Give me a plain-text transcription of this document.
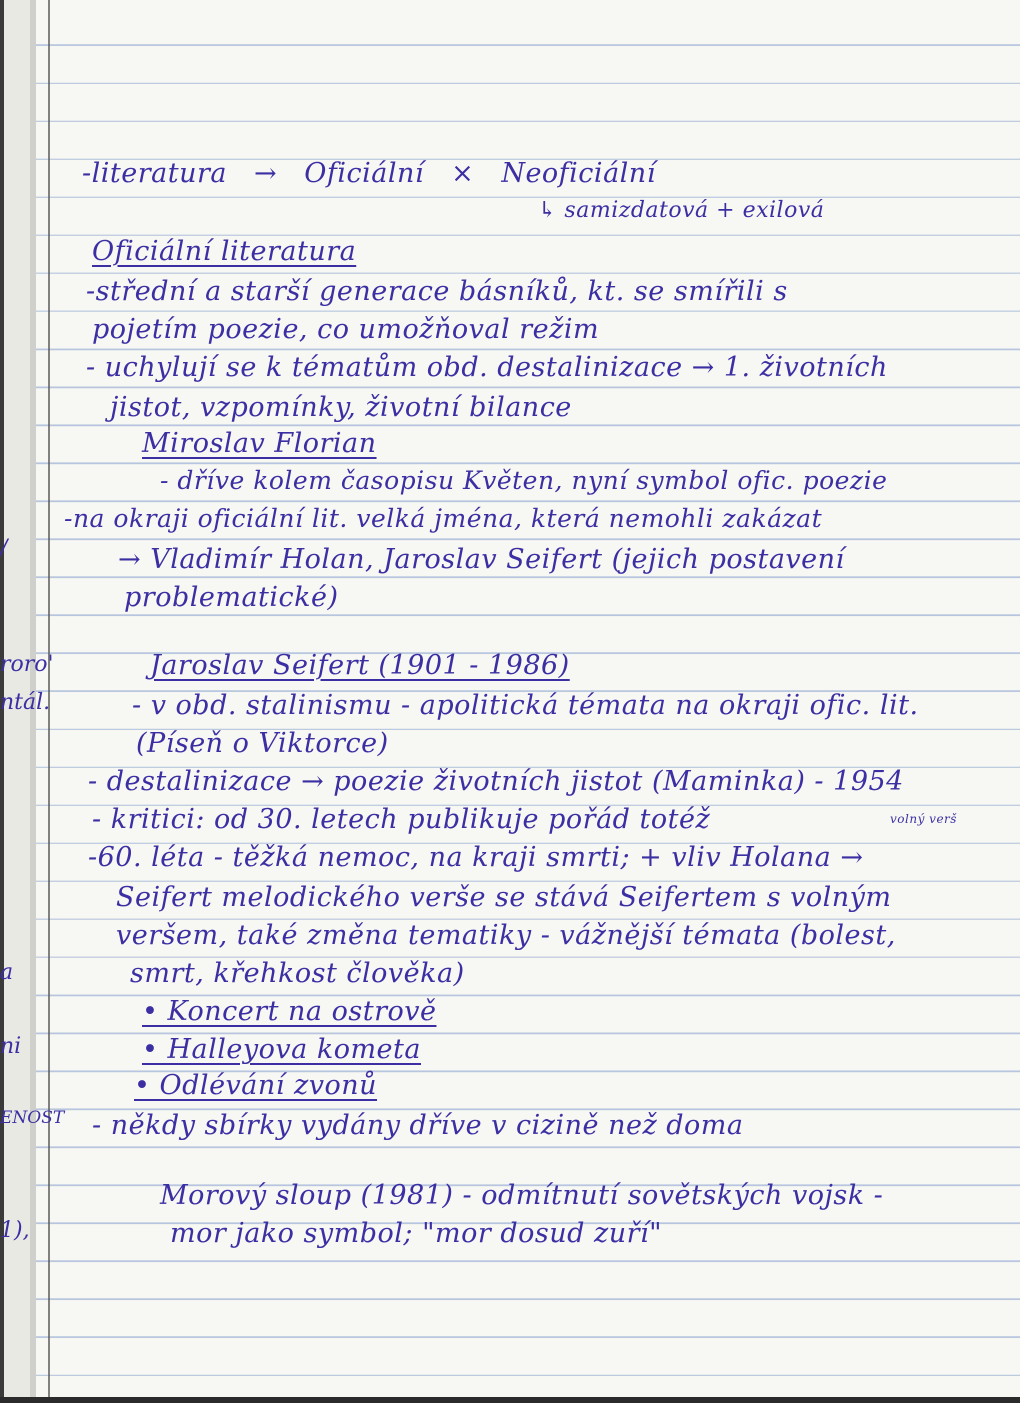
/
roro'
ntál.
a
ni
ENOST
1),
-literatura → Oficiální × Neoficiální
↳ samizdatová + exilová
Oficiální literatura
-střední a starší generace básníků, kt. se smířili s
pojetím poezie, co umožňoval režim
- uchylují se k tématům obd. destalinizace → 1. životních
jistot, vzpomínky, životní bilance
Miroslav Florian
- dříve kolem časopisu Květen, nyní symbol ofic. poezie
-na okraji oficiální lit. velká jména, která nemohli zakázat
→ Vladimír Holan, Jaroslav Seifert (jejich postavení
problematické)
Jaroslav Seifert (1901 - 1986)
- v obd. stalinismu - apolitická témata na okraji ofic. lit.
(Píseň o Viktorce)
- destalinizace → poezie životních jistot (Maminka) - 1954
- kritici: od 30. letech publikuje pořád totéž	volný verš
-60. léta - těžká nemoc, na kraji smrti; + vliv Holana →
Seifert melodického verše se stává Seifertem s volným
veršem, také změna tematiky - vážnější témata (bolest,
smrt, křehkost člověka)
• Koncert na ostrově
• Halleyova kometa
• Odlévání zvonů
- někdy sbírky vydány dříve v cizině než doma
Morový sloup (1981) - odmítnutí sovětských vojsk -
mor jako symbol; "mor dosud zuří"
